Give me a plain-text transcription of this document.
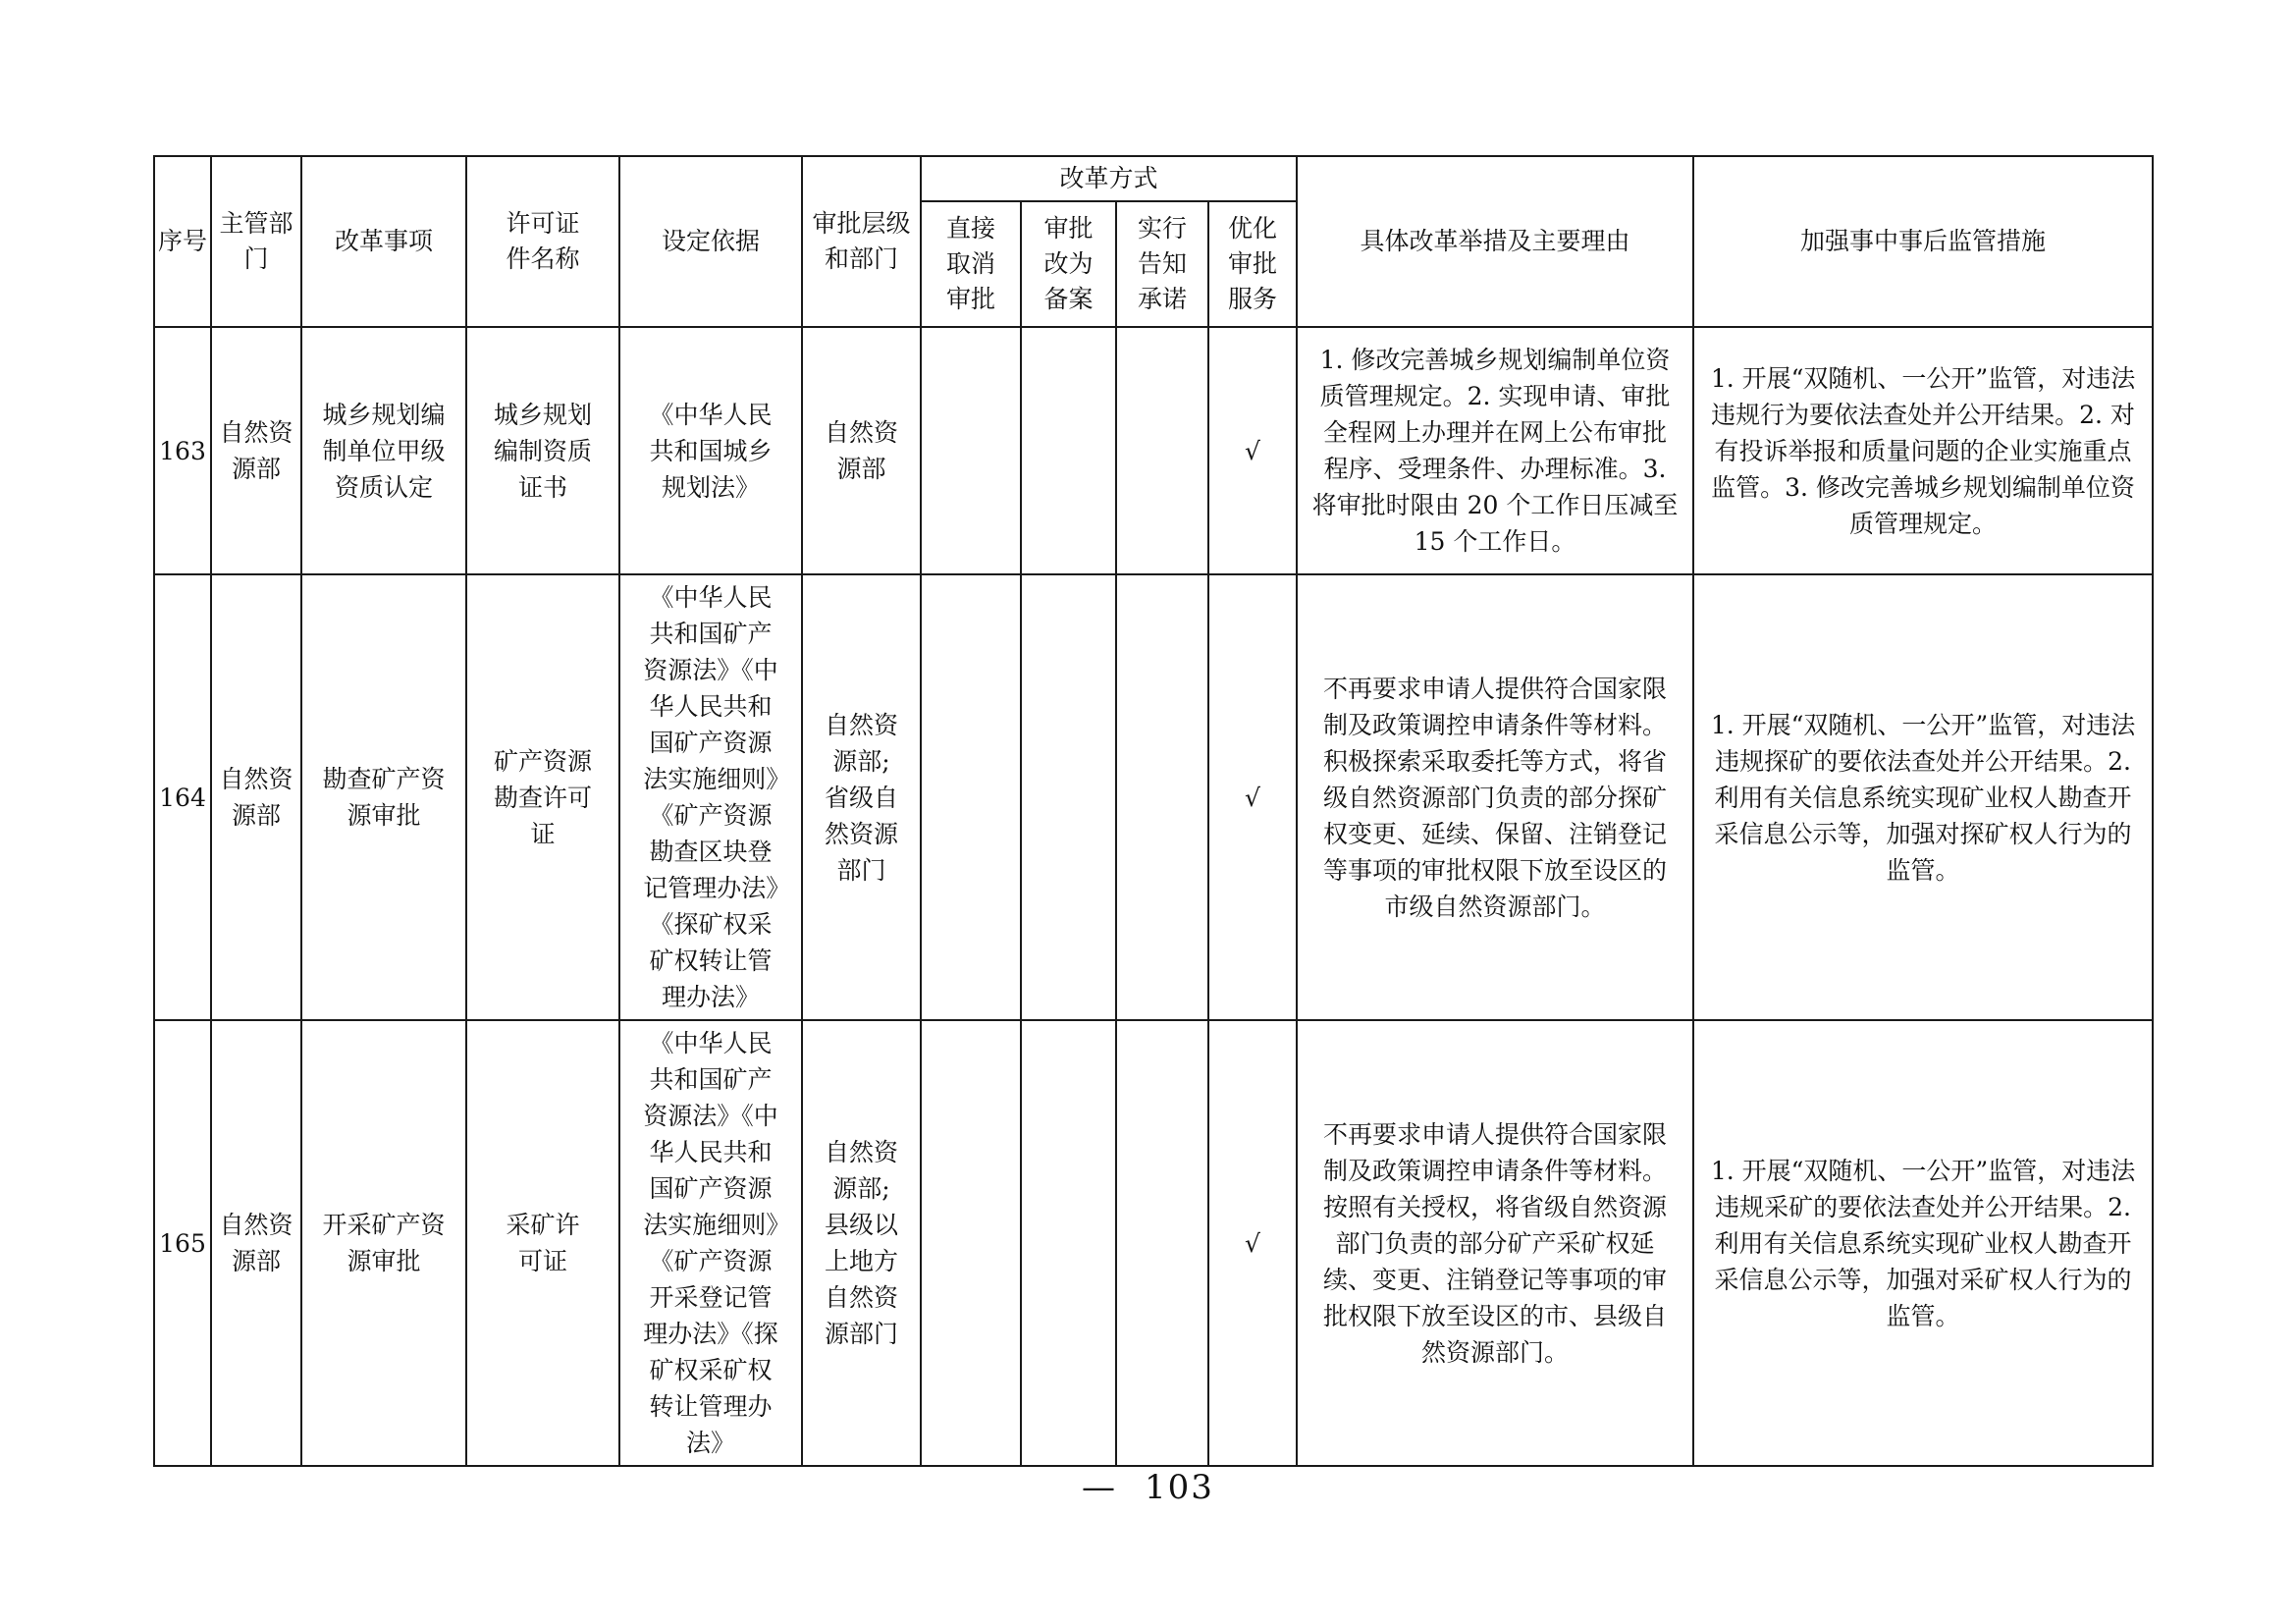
序号	主管部门	改革事项	许可证件名称	设定依据	审批层级和部门	改革方式				具体改革举措及主要理由	加强事中事后监管措施

						直接取消审批	审批改为备案	实行告知承诺	优化审批服务		

163	自然资源部	城乡规划编制单位甲级资质认定	城乡规划编制资质证书	《中华人民共和国城乡规划法》	自然资源部				√	1. 修改完善城乡规划编制单位资质管理规定。2. 实现申请、审批全程网上办理并在网上公布审批程序、受理条件、办理标准。3. 将审批时限由 20 个工作日压减至 15 个工作日。	1. 开展“双随机、一公开”监管，对违法违规行为要依法查处并公开结果。2. 对有投诉举报和质量问题的企业实施重点监管。3. 修改完善城乡规划编制单位资质管理规定。

164	自然资源部	勘查矿产资源审批	矿产资源勘查许可证	《中华人民共和国矿产资源法》《中华人民共和国矿产资源法实施细则》《矿产资源勘查区块登记管理办法》《探矿权采矿权转让管理办法》	自然资源部;省级自然资源部门				√	不再要求申请人提供符合国家限制及政策调控申请条件等材料。积极探索采取委托等方式，将省级自然资源部门负责的部分探矿权变更、延续、保留、注销登记等事项的审批权限下放至设区的市级自然资源部门。	1. 开展“双随机、一公开”监管，对违法违规探矿的要依法查处并公开结果。2. 利用有关信息系统实现矿业权人勘查开采信息公示等，加强对探矿权人行为的监管。

165	自然资源部	开采矿产资源审批	采矿许可证	《中华人民共和国矿产资源法》《中华人民共和国矿产资源法实施细则》《矿产资源开采登记管理办法》《探矿权采矿权转让管理办法》	自然资源部;县级以上地方自然资源部门				√	不再要求申请人提供符合国家限制及政策调控申请条件等材料。按照有关授权，将省级自然资源部门负责的部分矿产采矿权延续、变更、注销登记等事项的审批权限下放至设区的市、县级自然资源部门。	1. 开展“双随机、一公开”监管，对违法违规采矿的要依法查处并公开结果。2. 利用有关信息系统实现矿业权人勘查开采信息公示等，加强对采矿权人行为的监管。
— 103
